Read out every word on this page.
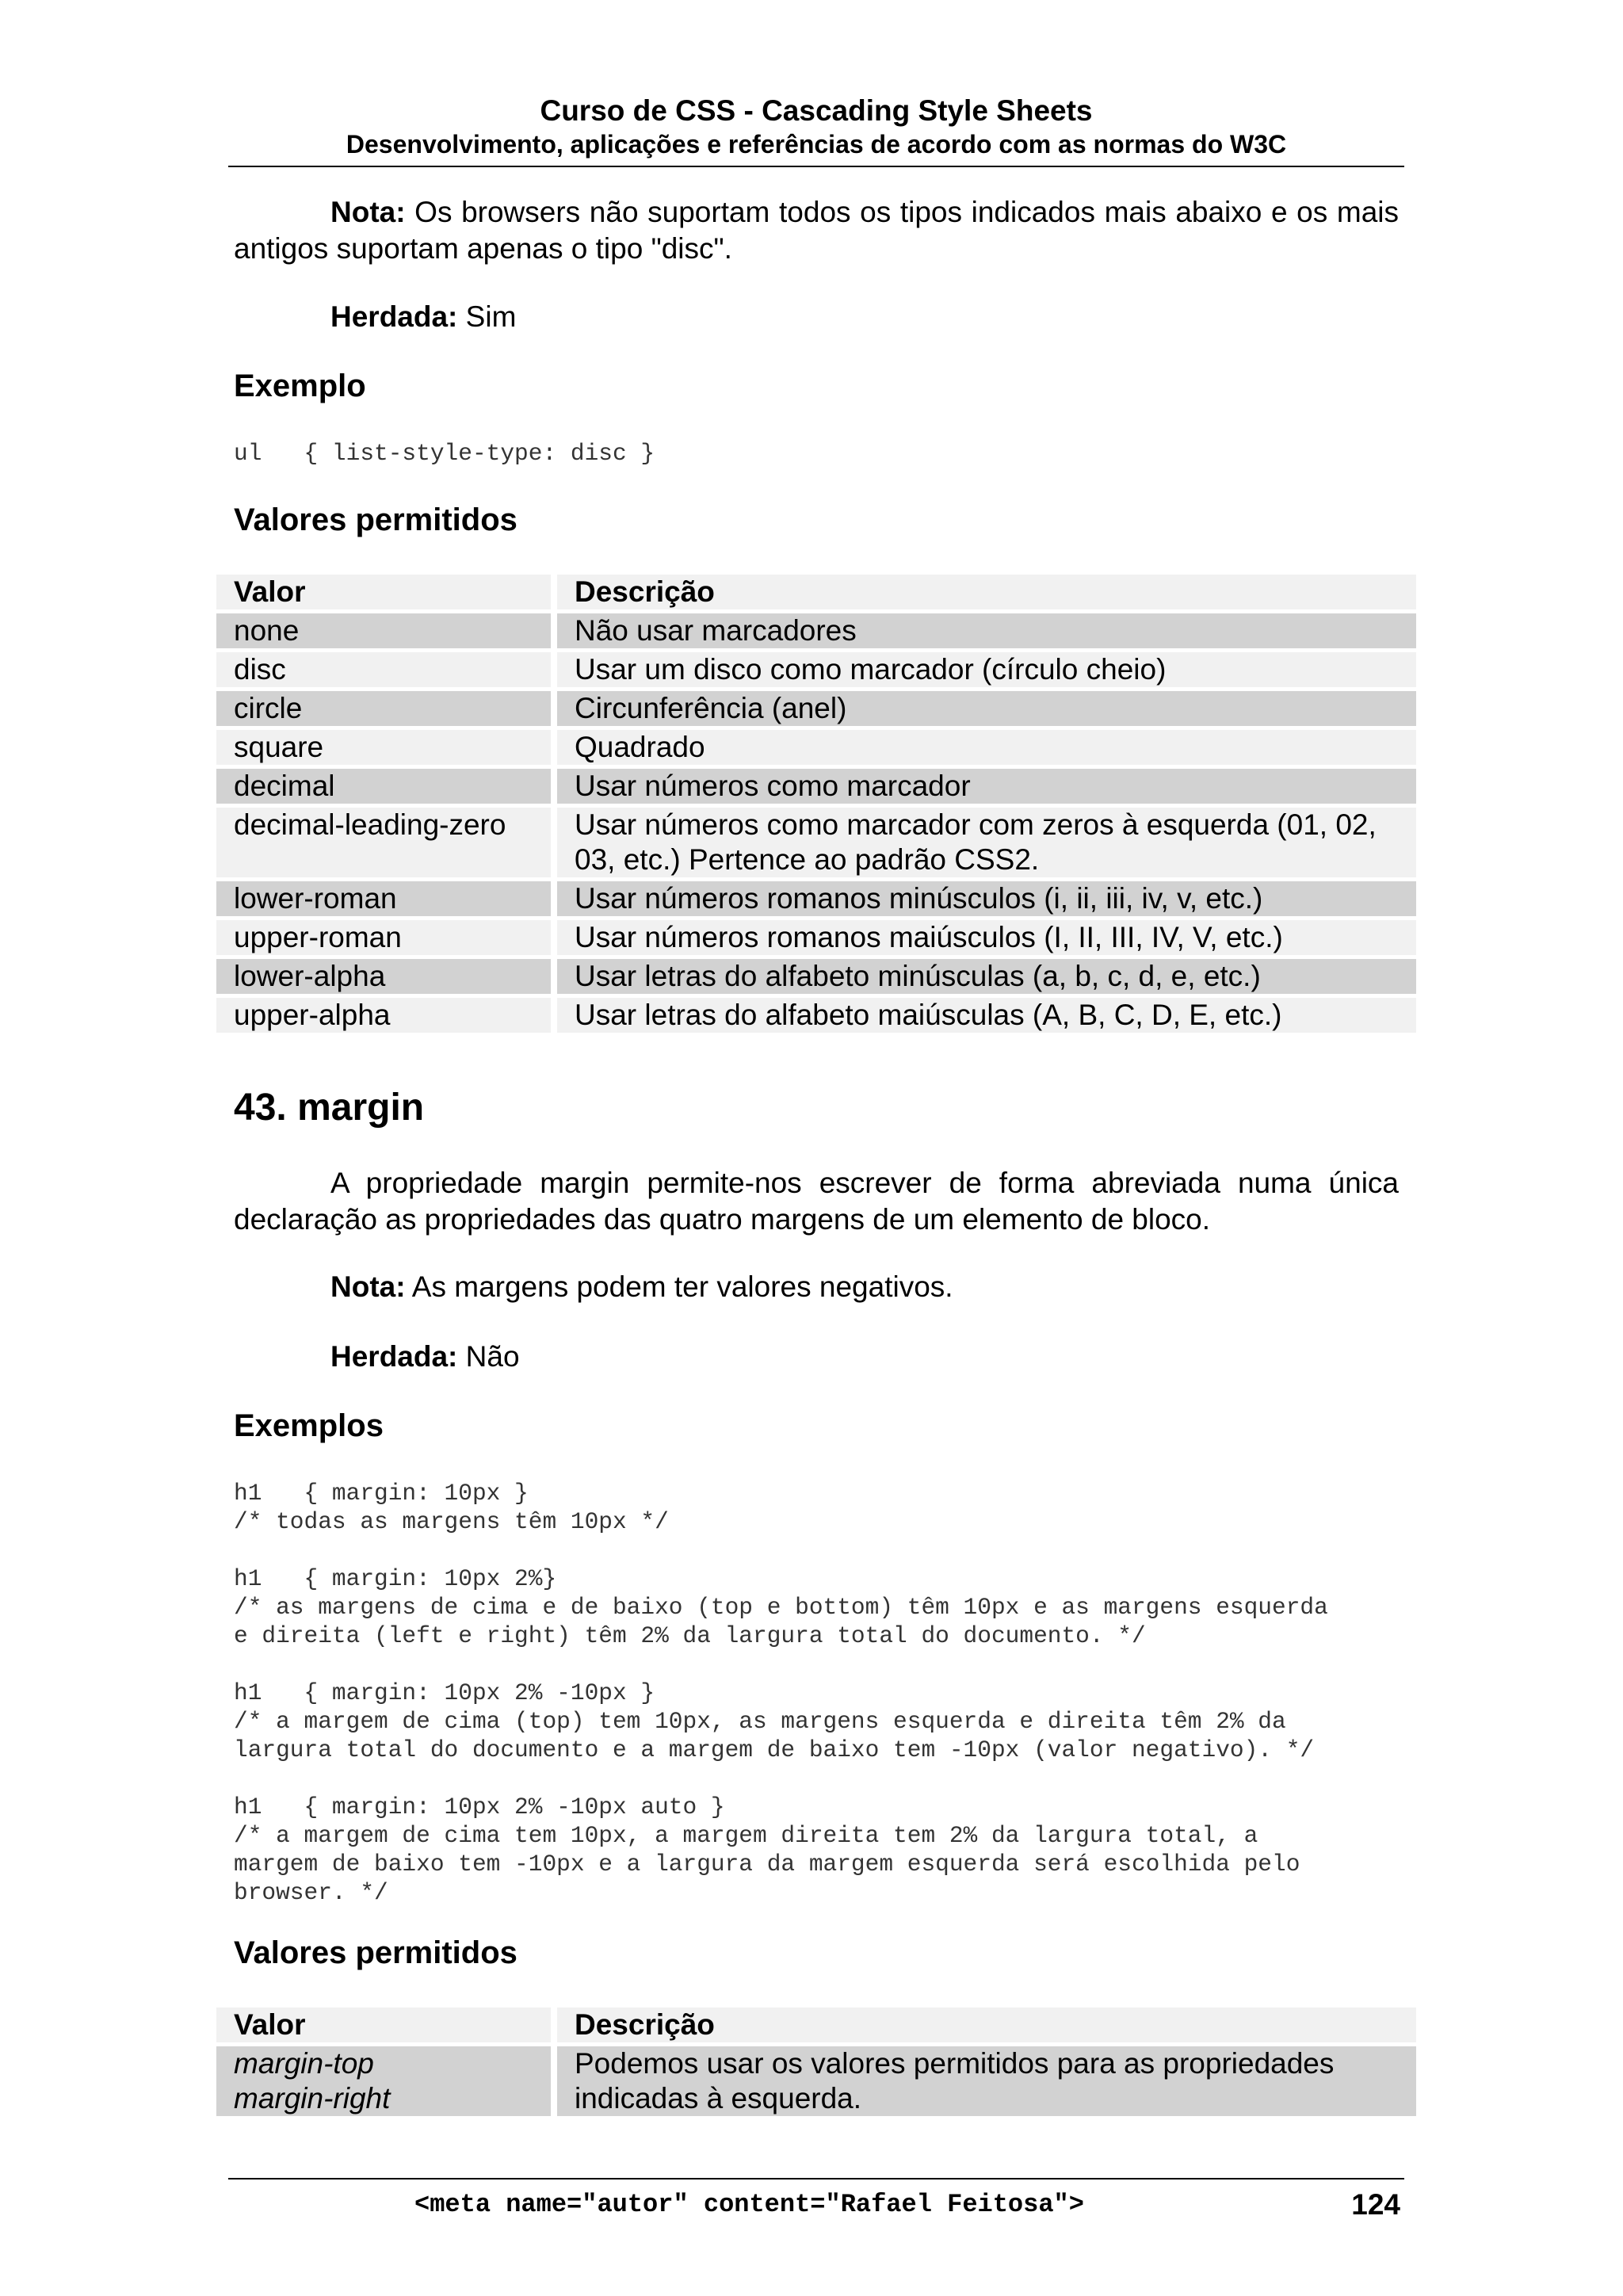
Curso de CSS - Cascading Style Sheets
Desenvolvimento, aplicações e referências de acordo com as normas do W3C
Nota: Os browsers não suportam todos os tipos indicados mais abaixo e os mais antigos suportam apenas o tipo "disc".
Herdada: Sim
Exemplo
ul   { list-style-type: disc }
Valores permitidos
Valor	Descrição
none	Não usar marcadores
disc	Usar um disco como marcador (círculo cheio)
circle	Circunferência (anel)
square	Quadrado
decimal	Usar números como marcador
decimal-leading-zero	Usar números como marcador com zeros à esquerda (01, 02, 03, etc.) Pertence ao padrão CSS2.
lower-roman	Usar números romanos minúsculos (i, ii, iii, iv, v, etc.)
upper-roman	Usar números romanos maiúsculos (I, II, III, IV, V, etc.)
lower-alpha	Usar letras do alfabeto minúsculas (a, b, c, d, e, etc.)
upper-alpha	Usar letras do alfabeto maiúsculas (A, B, C, D, E, etc.)
43. margin
A propriedade margin permite-nos escrever de forma abreviada numa única declaração as propriedades das quatro margens de um elemento de bloco.
Nota: As margens podem ter valores negativos.
Herdada: Não
Exemplos
h1   { margin: 10px }
/* todas as margens têm 10px */

h1   { margin: 10px 2%}
/* as margens de cima e de baixo (top e bottom) têm 10px e as margens esquerda
e direita (left e right) têm 2% da largura total do documento. */

h1   { margin: 10px 2% -10px }
/* a margem de cima (top) tem 10px, as margens esquerda e direita têm 2% da
largura total do documento e a margem de baixo tem -10px (valor negativo). */

h1   { margin: 10px 2% -10px auto }
/* a margem de cima tem 10px, a margem direita tem 2% da largura total, a
margem de baixo tem -10px e a largura da margem esquerda será escolhida pelo
browser. */
Valores permitidos
Valor	Descrição

margin-top
margin-right	Podemos usar os valores permitidos para as propriedades indicadas à esquerda.
<meta name="autor" content="Rafael Feitosa">	124
